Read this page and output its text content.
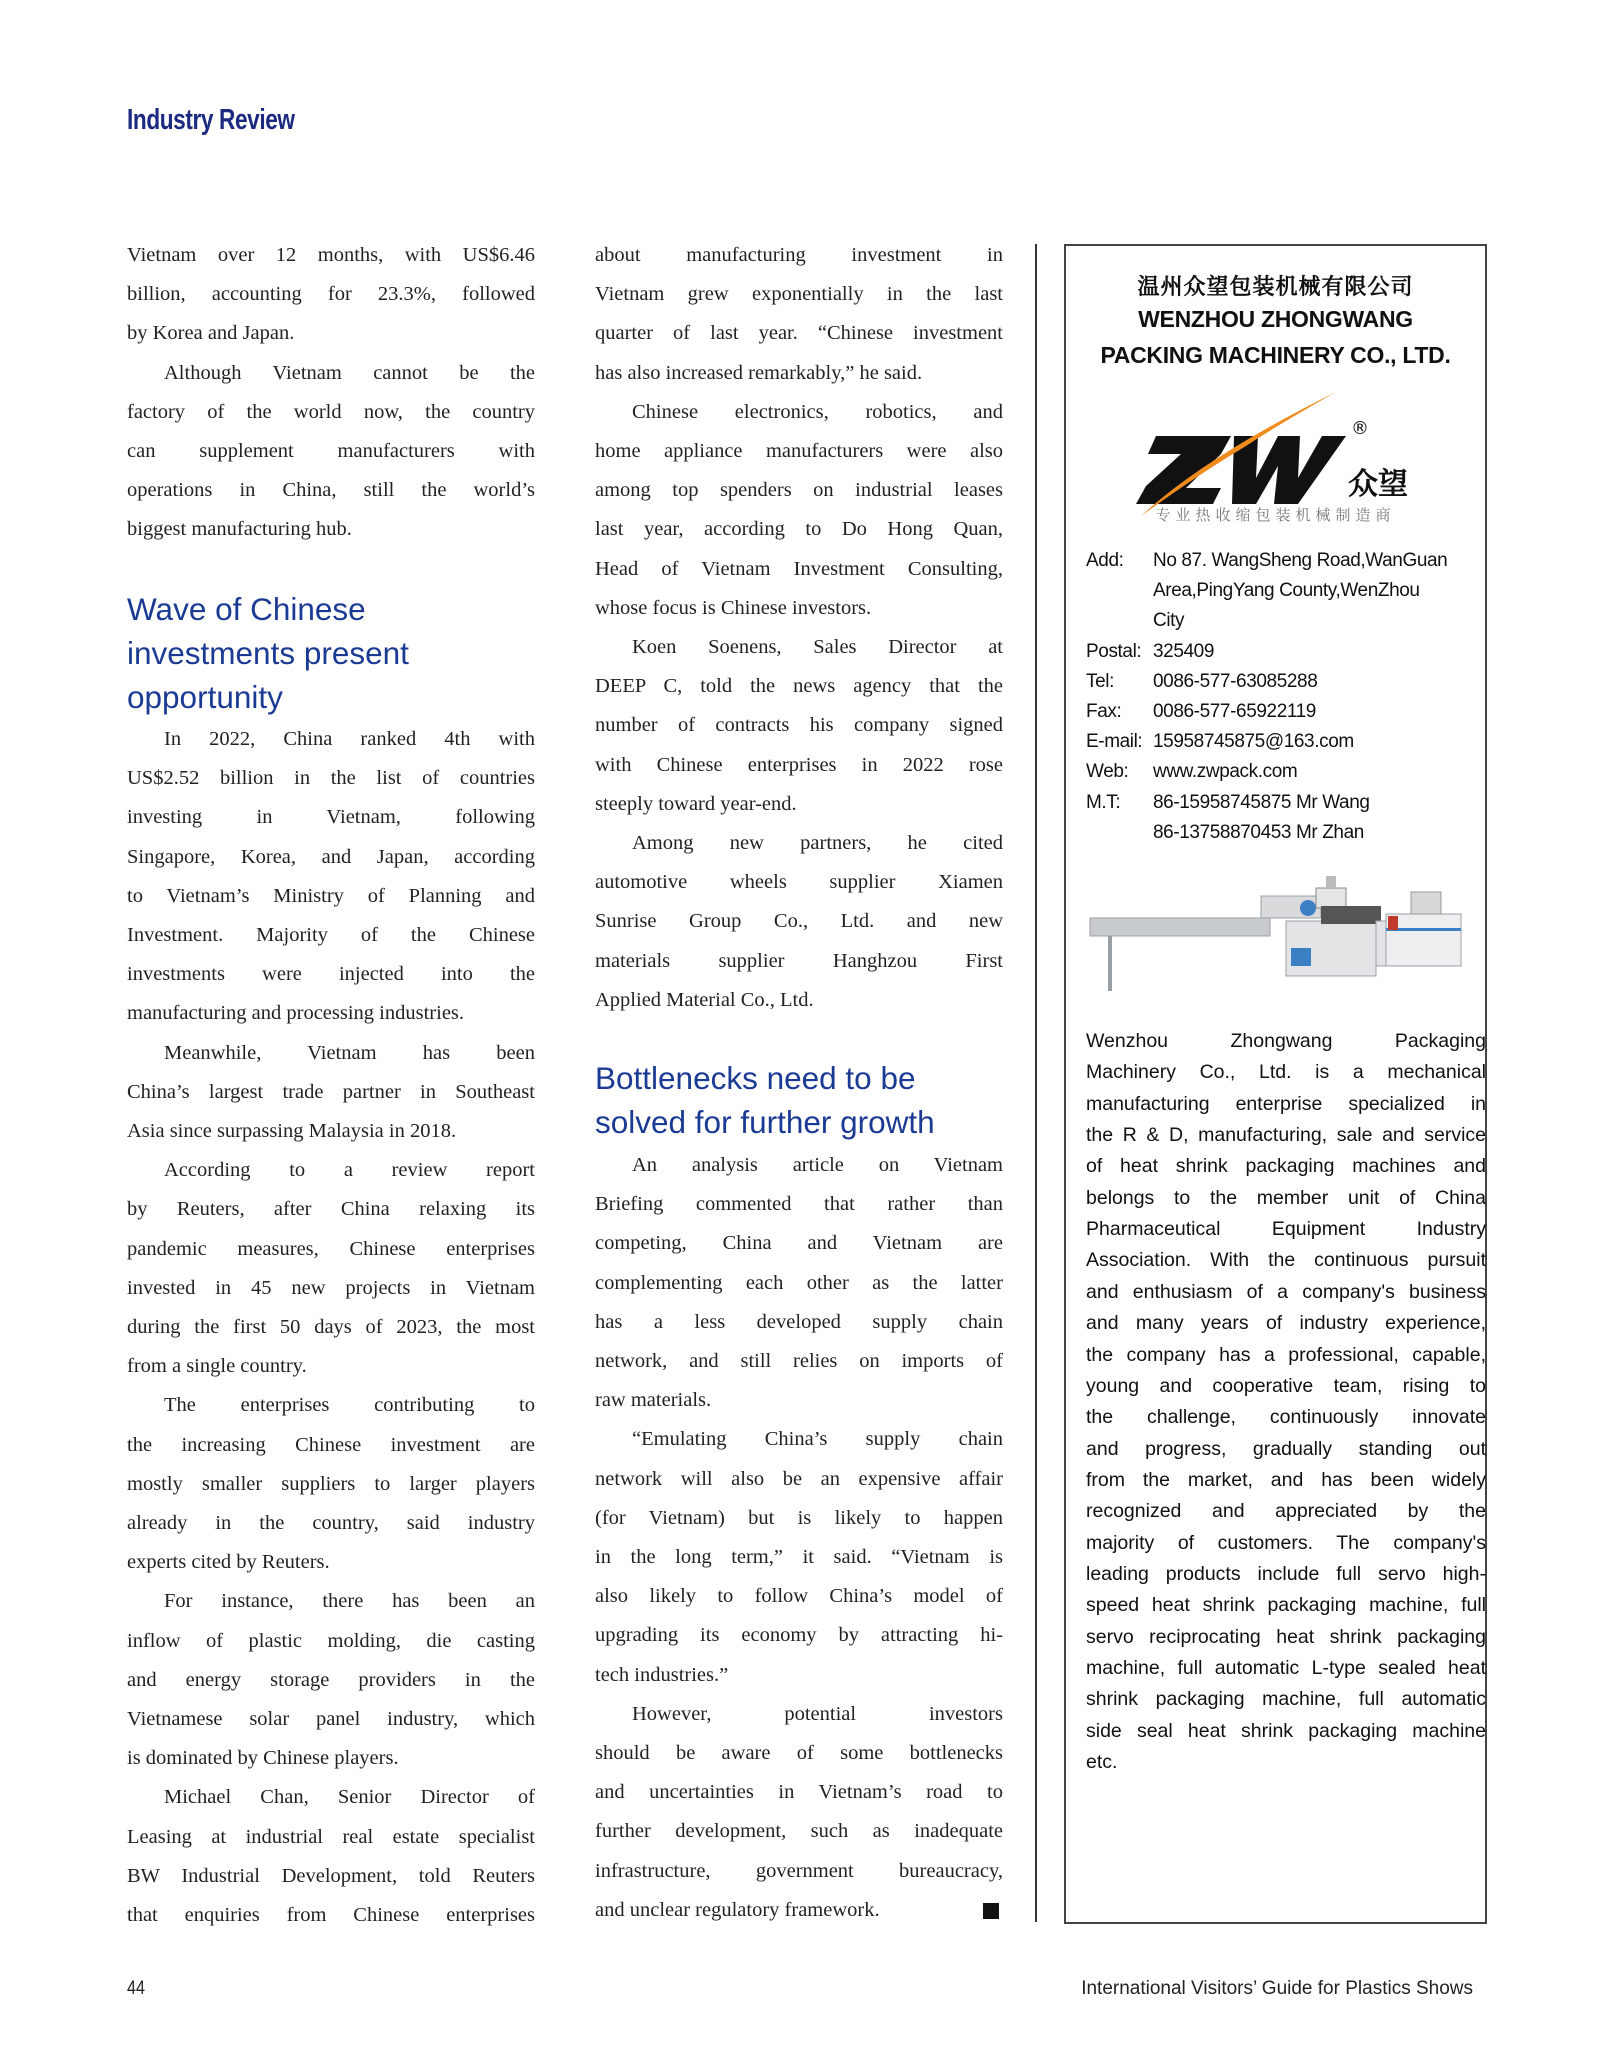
Industry Review
Vietnam over 12 months, with US$6.46
billion, accounting for 23.3%, followed
by Korea and Japan.
Although Vietnam cannot be the
factory of the world now, the country
can supplement manufacturers with
operations in China, still the world’s
biggest manufacturing hub.
Wave of Chinese
investments present
opportunity
In 2022, China ranked 4th with
US$2.52 billion in the list of countries
investing in Vietnam, following
Singapore, Korea, and Japan, according
to Vietnam’s Ministry of Planning and
Investment. Majority of the Chinese
investments were injected into the
manufacturing and processing industries.
Meanwhile, Vietnam has been
China’s largest trade partner in Southeast
Asia since surpassing Malaysia in 2018.
According to a review report
by Reuters, after China relaxing its
pandemic measures, Chinese enterprises
invested in 45 new projects in Vietnam
during the first 50 days of 2023, the most
from a single country.
The enterprises contributing to
the increasing Chinese investment are
mostly smaller suppliers to larger players
already in the country, said industry
experts cited by Reuters.
For instance, there has been an
inflow of plastic molding, die casting
and energy storage providers in the
Vietnamese solar panel industry, which
is dominated by Chinese players.
Michael Chan, Senior Director of
Leasing at industrial real estate specialist
BW Industrial Development, told Reuters
that enquiries from Chinese enterprises
about manufacturing investment in
Vietnam grew exponentially in the last
quarter of last year. “Chinese investment
has also increased remarkably,” he said.
Chinese electronics, robotics, and
home appliance manufacturers were also
among top spenders on industrial leases
last year, according to Do Hong Quan,
Head of Vietnam Investment Consulting,
whose focus is Chinese investors.
Koen Soenens, Sales Director at
DEEP C, told the news agency that the
number of contracts his company signed
with Chinese enterprises in 2022 rose
steeply toward year-end.
Among new partners, he cited
automotive wheels supplier Xiamen
Sunrise Group Co., Ltd. and new
materials supplier Hanghzou First
Applied Material Co., Ltd.
Bottlenecks need to be
solved for further growth
An analysis article on Vietnam
Briefing commented that rather than
competing, China and Vietnam are
complementing each other as the latter
has a less developed supply chain
network, and still relies on imports of
raw materials.
“Emulating China’s supply chain
network will also be an expensive affair
(for Vietnam) but is likely to happen
in the long term,” it said. “Vietnam is
also likely to follow China’s model of
upgrading its economy by attracting hi-
tech industries.”
However, potential investors
should be aware of some bottlenecks
and uncertainties in Vietnam’s road to
further development, such as inadequate
infrastructure, government bureaucracy,
and unclear regulatory framework.
温州众望包装机械有限公司
WENZHOU ZHONGWANG
PACKING MACHINERY CO., LTD.
®
众望
专业热收缩包装机械制造商
Add: No 87. WangSheng Road,WanGuan
Area,PingYang County,WenZhou
City
Postal: 325409
Tel: 0086-577-63085288
Fax: 0086-577-65922119
E-mail: 15958745875@163.com
Web: www.zwpack.com
M.T: 86-15958745875 Mr Wang
86-13758870453 Mr Zhan
Wenzhou Zhongwang Packaging
Machinery Co., Ltd. is a mechanical
manufacturing enterprise specialized in
the R & D, manufacturing, sale and service
of heat shrink packaging machines and
belongs to the member unit of China
Pharmaceutical Equipment Industry
Association. With the continuous pursuit
and enthusiasm of a company's business
and many years of industry experience,
the company has a professional, capable,
young and cooperative team, rising to
the challenge, continuously innovate
and progress, gradually standing out
from the market, and has been widely
recognized and appreciated by the
majority of customers. The company's
leading products include full servo high-
speed heat shrink packaging machine, full
servo reciprocating heat shrink packaging
machine, full automatic L-type sealed heat
shrink packaging machine, full automatic
side seal heat shrink packaging machine
etc.
44	International Visitors’ Guide for Plastics Shows
